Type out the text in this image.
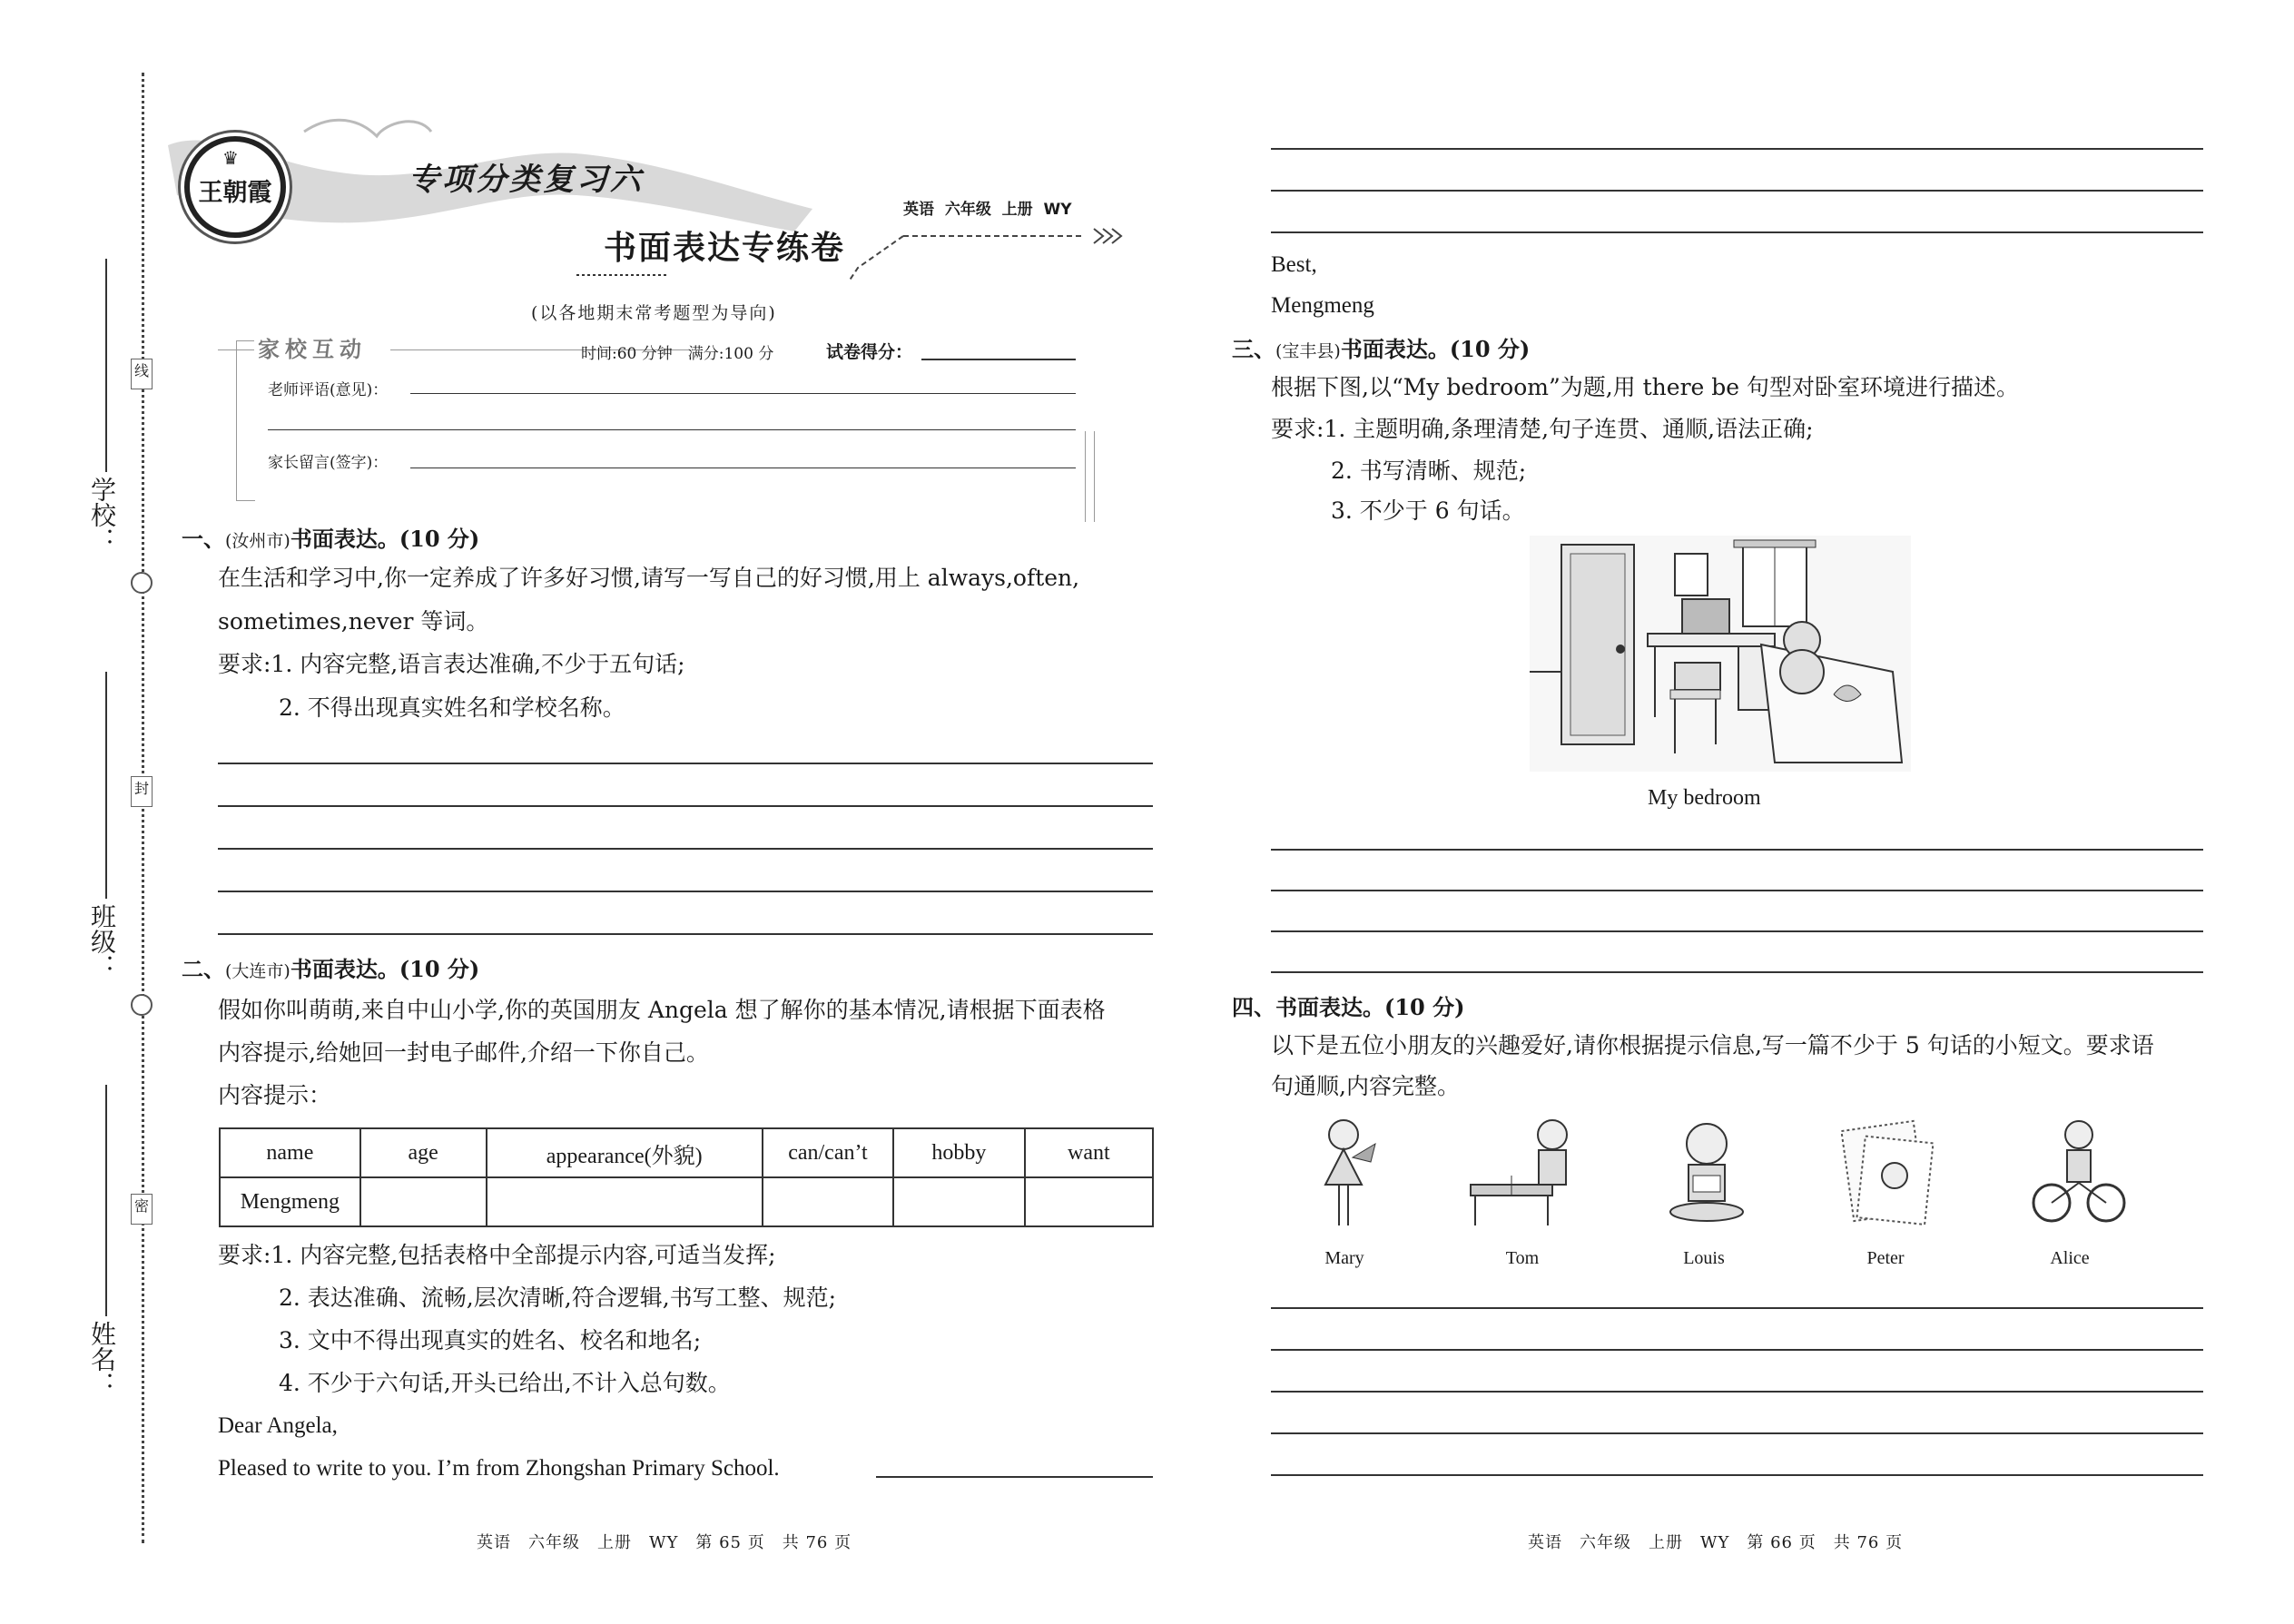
线
封
密
学校：
班级：
姓名：
♛
王朝霞	专项分类复习六
英语  六年级  上册  WY
书面表达专练卷
(以各地期末常考题型为导向)
家校互动	时间:60 分钟　满分:100 分	试卷得分：
老师评语(意见)：
家长留言(签字)：
一、(汝州市)书面表达。(10 分)
在生活和学习中,你一定养成了许多好习惯,请写一写自己的好习惯,用上 always,often,
sometimes,never 等词。
要求:1. 内容完整,语言表达准确,不少于五句话;
2. 不得出现真实姓名和学校名称。
二、(大连市)书面表达。(10 分)
假如你叫萌萌,来自中山小学,你的英国朋友 Angela 想了解你的基本情况,请根据下面表格
内容提示,给她回一封电子邮件,介绍一下你自己。
内容提示：
name	age	appearance(外貌)	can/can’t	hobby	want
Mengmeng					
要求:1. 内容完整,包括表格中全部提示内容,可适当发挥;
2. 表达准确、流畅,层次清晰,符合逻辑,书写工整、规范;
3. 文中不得出现真实的姓名、校名和地名;
4. 不少于六句话,开头已给出,不计入总句数。
Dear Angela,
Pleased to write to you. I’m from Zhongshan Primary School.
英语　六年级　上册　WY　第 65 页　共 76 页
Best,
Mengmeng
三、(宝丰县)书面表达。(10 分)
根据下图,以“My bedroom”为题,用 there be 句型对卧室环境进行描述。
要求:1. 主题明确,条理清楚,句子连贯、通顺,语法正确;
2. 书写清晰、规范;
3. 不少于 6 句话。
My bedroom
四、书面表达。(10 分)
以下是五位小朋友的兴趣爱好,请你根据提示信息,写一篇不少于 5 句话的小短文。要求语
句通顺,内容完整。
Mary	Tom	Louis	Peter	Alice
英语　六年级　上册　WY　第 66 页　共 76 页
